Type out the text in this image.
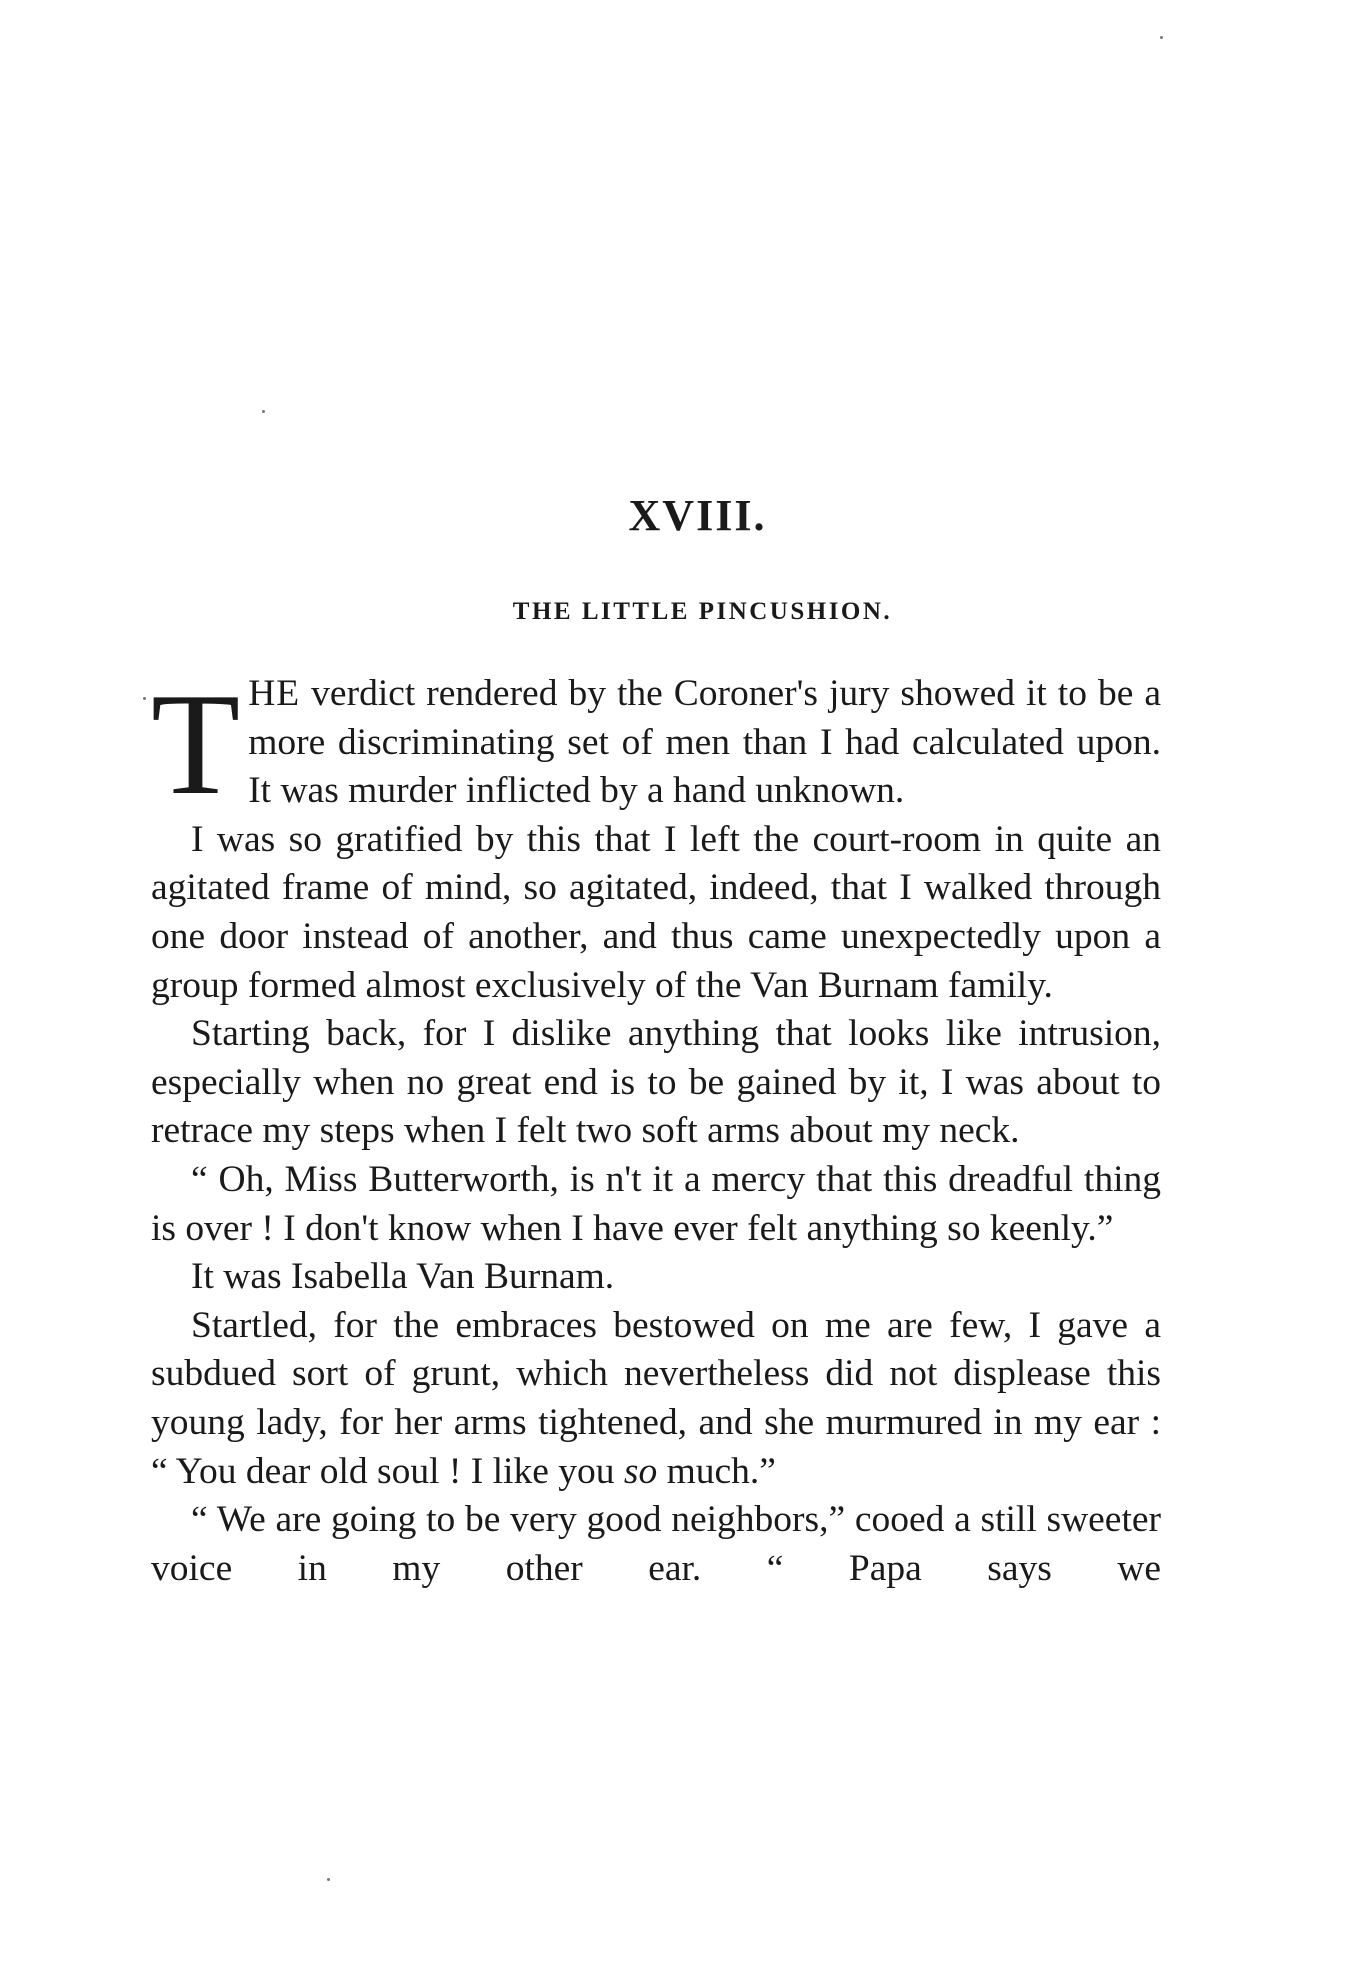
XVIII.
THE LITTLE PINCUSHION.

THE verdict rendered by the Coroner's jury showed it to be a more discriminating set of men than I had calculated upon. It was murder inflicted by a hand unknown.

I was so gratified by this that I left the court-room in quite an agitated frame of mind, so agitated, indeed, that I walked through one door instead of another, and thus came unexpectedly upon a group formed almost exclusively of the Van Burnam family.

Starting back, for I dislike anything that looks like intrusion, especially when no great end is to be gained by it, I was about to retrace my steps when I felt two soft arms about my neck.

“ Oh, Miss Butterworth, is n't it a mercy that this dreadful thing is over ! I don't know when I have ever felt anything so keenly.”

It was Isabella Van Burnam.

Startled, for the embraces bestowed on me are few, I gave a subdued sort of grunt, which nevertheless did not displease this young lady, for her arms tightened, and she murmured in my ear : “ You dear old soul ! I like you so much.”

“ We are going to be very good neighbors,” cooed a still sweeter voice in my other ear. “ Papa says we
